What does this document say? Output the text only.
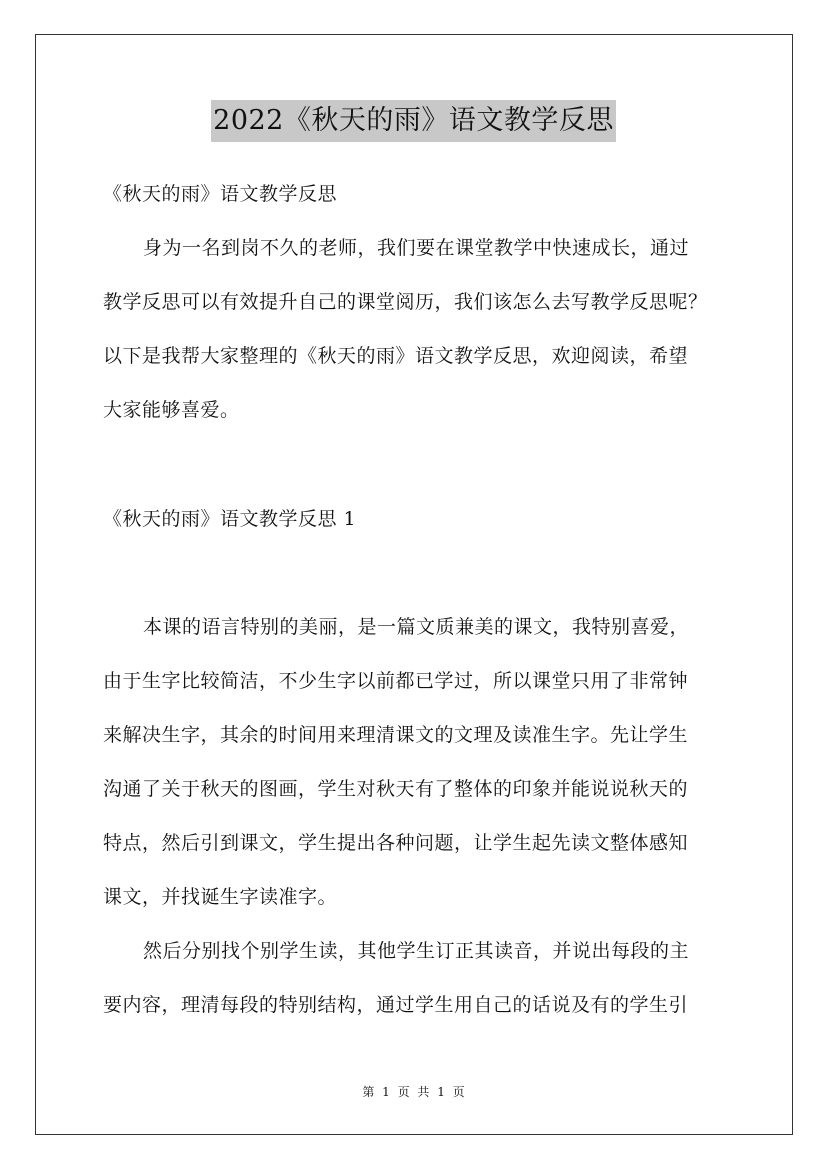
2022《秋天的雨》语文教学反思
《秋天的雨》语文教学反思
身为一名到岗不久的老师，我们要在课堂教学中快速成长，通过
教学反思可以有效提升自己的课堂阅历，我们该怎么去写教学反思呢？
以下是我帮大家整理的《秋天的雨》语文教学反思，欢迎阅读，希望
大家能够喜爱。
《秋天的雨》语文教学反思 1
本课的语言特别的美丽，是一篇文质兼美的课文，我特别喜爱，
由于生字比较简洁，不少生字以前都已学过，所以课堂只用了非常钟
来解决生字，其余的时间用来理清课文的文理及读准生字。先让学生
沟通了关于秋天的图画，学生对秋天有了整体的印象并能说说秋天的
特点，然后引到课文，学生提出各种问题，让学生起先读文整体感知
课文，并找诞生字读准字。
然后分别找个别学生读，其他学生订正其读音，并说出每段的主
要内容，理清每段的特别结构，通过学生用自己的话说及有的学生引
第 1 页 共 1 页
